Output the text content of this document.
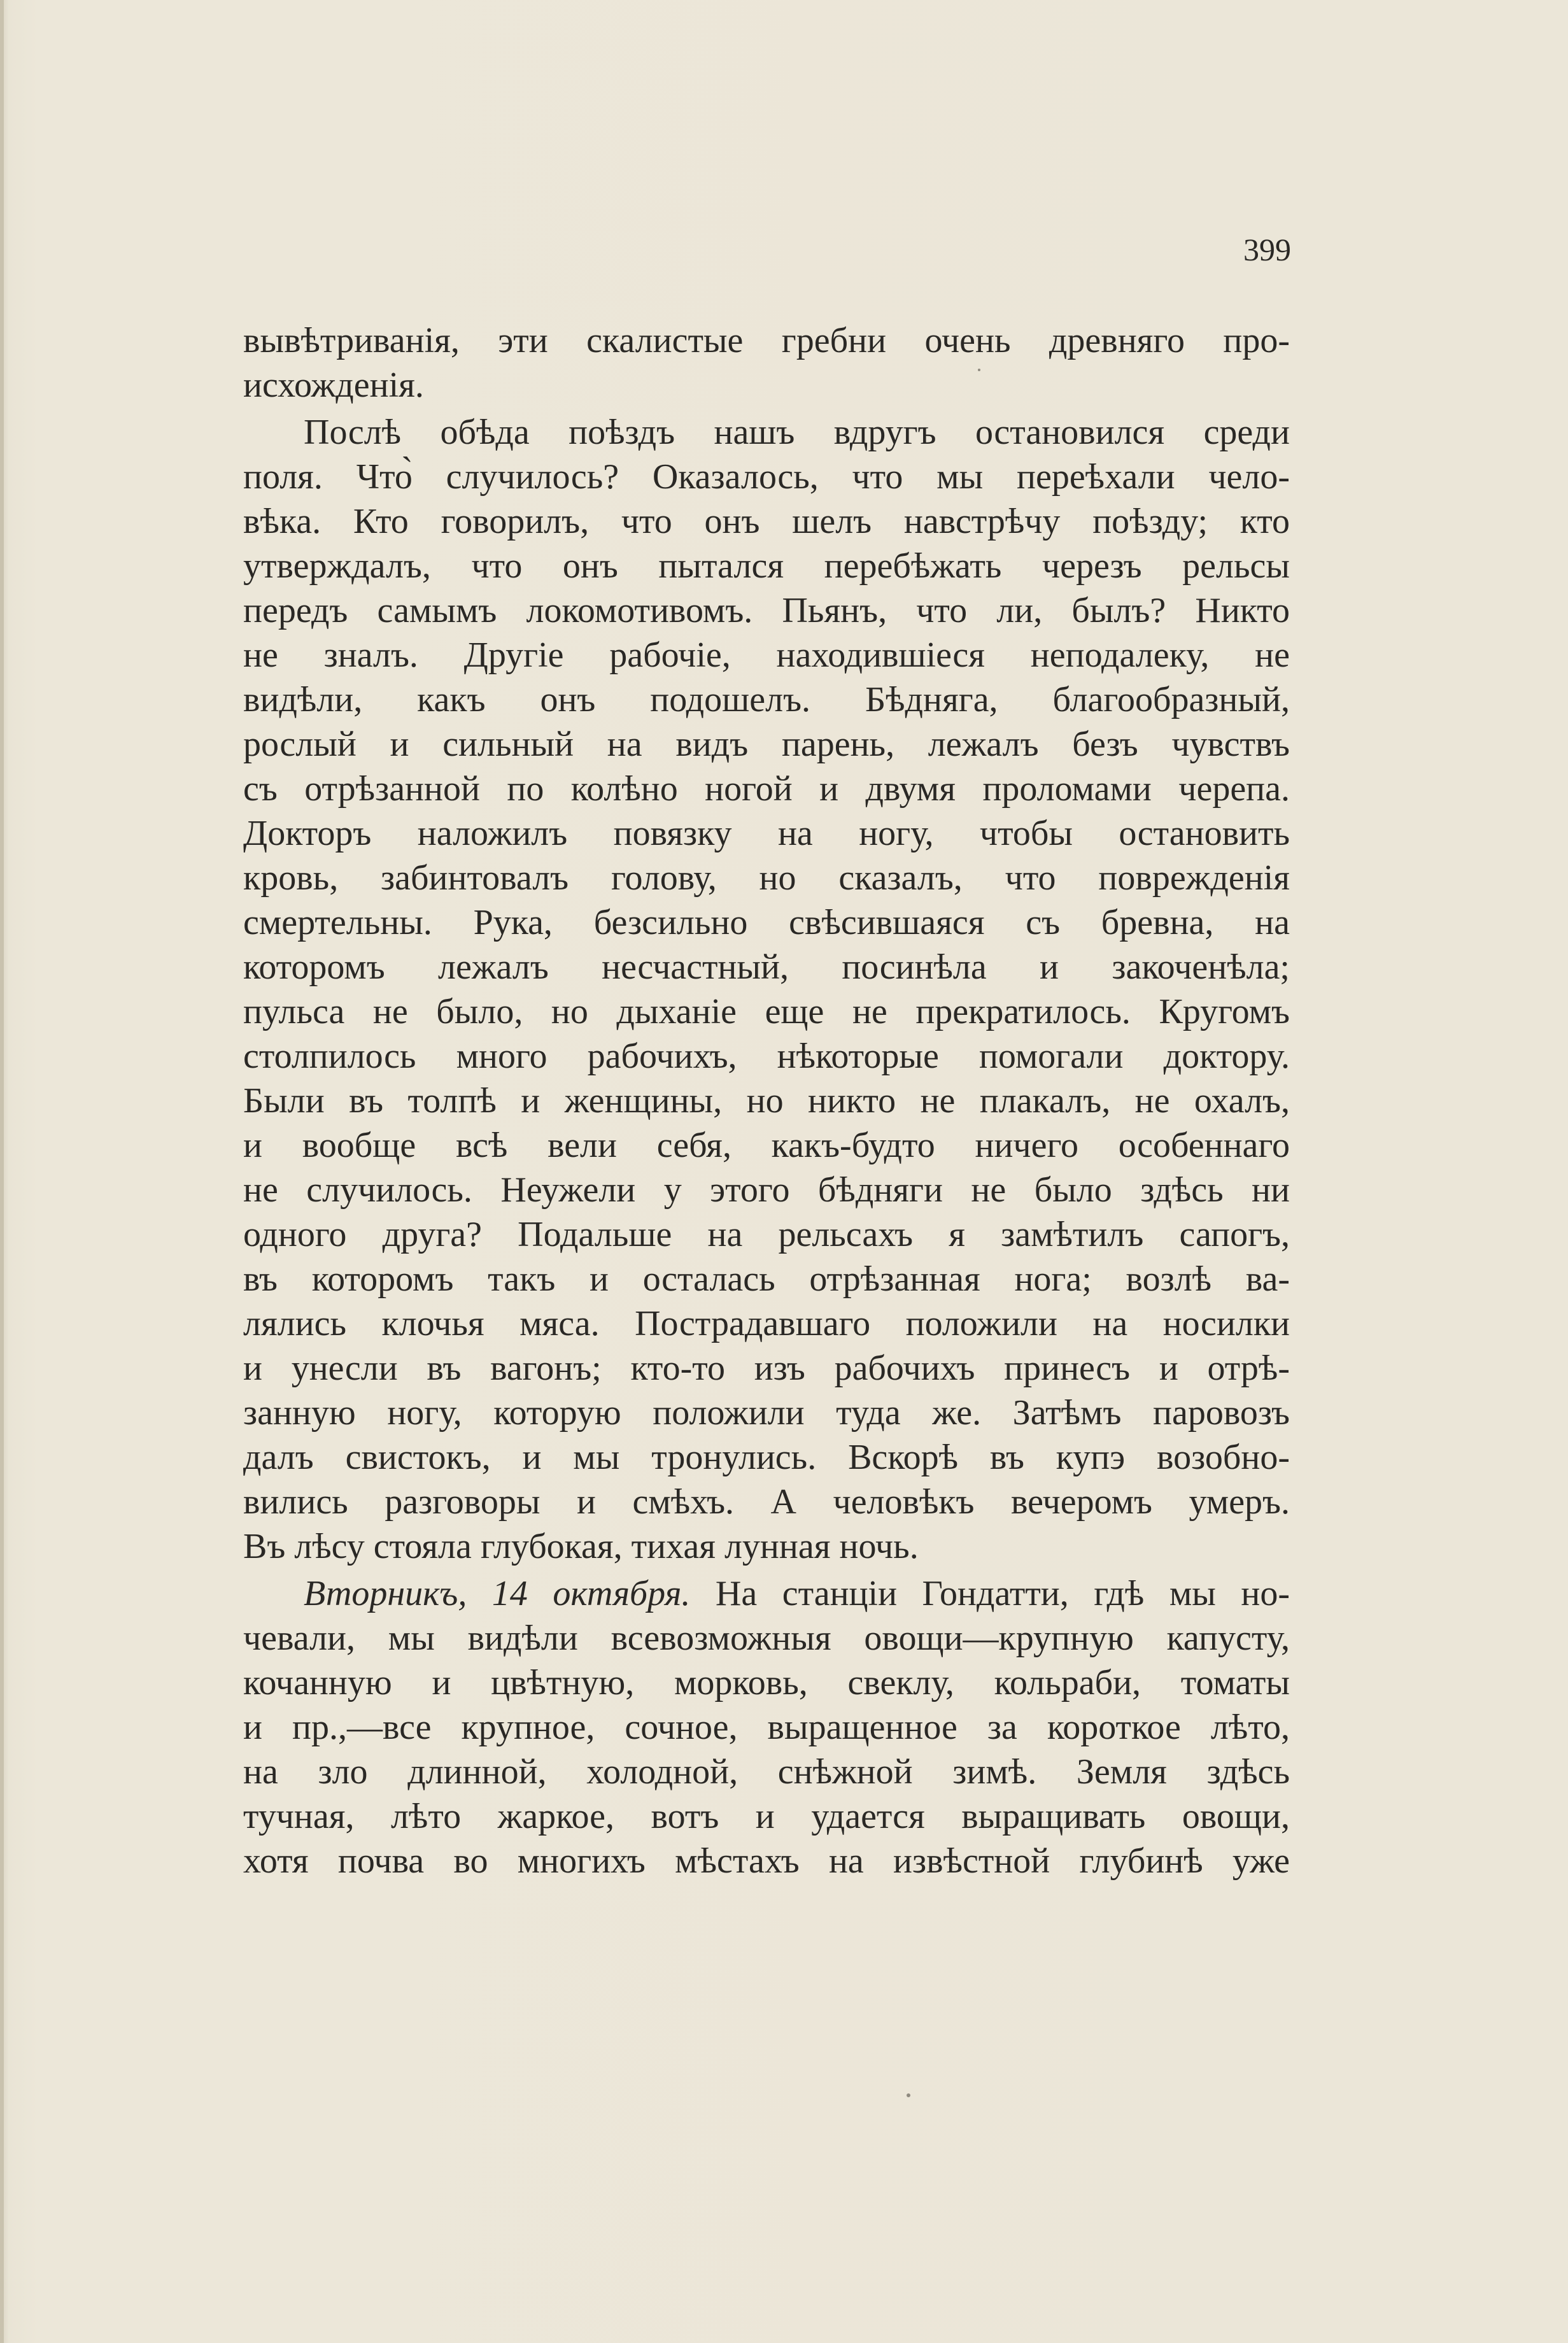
399
вывѣтриванія, эти скалистые гребни очень древняго про-
исхожденія.
Послѣ обѣда поѣздъ нашъ вдругъ остановился среди
поля. Что̀ случилось? Оказалось, что мы переѣхали чело-
вѣка. Кто говорилъ, что онъ шелъ навстрѣчу поѣзду; кто
утверждалъ, что онъ пытался перебѣжать черезъ рельсы
передъ самымъ локомотивомъ. Пьянъ, что ли, былъ? Никто
не зналъ. Другіе рабочіе, находившіеся неподалеку, не
видѣли, какъ онъ подошелъ. Бѣдняга, благообразный,
рослый и сильный на видъ парень, лежалъ безъ чувствъ
съ отрѣзанной по колѣно ногой и двумя проломами черепа.
Докторъ наложилъ повязку на ногу, чтобы остановить
кровь, забинтовалъ голову, но сказалъ, что поврежденія
смертельны. Рука, безсильно свѣсившаяся съ бревна, на
которомъ лежалъ несчастный, посинѣла и закоченѣла;
пульса не было, но дыханіе еще не прекратилось. Кругомъ
столпилось много рабочихъ, нѣкоторые помогали доктору.
Были въ толпѣ и женщины, но никто не плакалъ, не охалъ,
и вообще всѣ вели себя, какъ-будто ничего особеннаго
не случилось. Неужели у этого бѣдняги не было здѣсь ни
одного друга? Подальше на рельсахъ я замѣтилъ сапогъ,
въ которомъ такъ и осталась отрѣзанная нога; возлѣ ва-
лялись клочья мяса. Пострадавшаго положили на носилки
и унесли въ вагонъ; кто-то изъ рабочихъ принесъ и отрѣ-
занную ногу, которую положили туда же. Затѣмъ паровозъ
далъ свистокъ, и мы тронулись. Вскорѣ въ купэ возобно-
вились разговоры и смѣхъ. А человѣкъ вечеромъ умеръ.
Въ лѣсу стояла глубокая, тихая лунная ночь.
Вторникъ, 14 октября. На станціи Гондатти, гдѣ мы но-
чевали, мы видѣли всевозможныя овощи—крупную капусту,
кочанную и цвѣтную, морковь, свеклу, кольраби, томаты
и пр.,—все крупное, сочное, выращенное за короткое лѣто,
на зло длинной, холодной, снѣжной зимѣ. Земля здѣсь
тучная, лѣто жаркое, вотъ и удается выращивать овощи,
хотя почва во многихъ мѣстахъ на извѣстной глубинѣ уже
